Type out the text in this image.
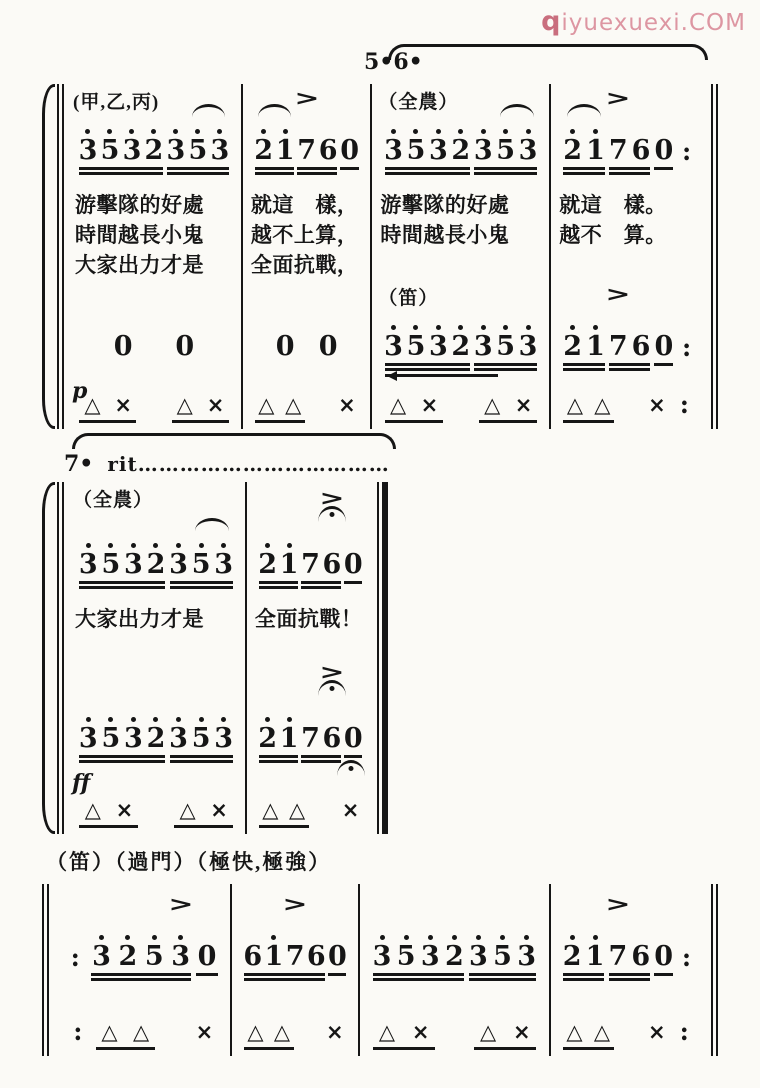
qiyuexuexi.COM
5•6•
7• rit………………………………
（笛）（過門）（極快,極強）
(甲,乙,丙)
3 5 3 2 3 5 3
游擊隊的好處
時間越長小鬼
大家出力才是
0 0
p
△ × △ ×
2 1 7 6 0
>
就這　樣，
越不上算，
全面抗戰，
0 0
△ △ ×
（全農）
3 5 3 2 3 5 3
游擊隊的好處
時間越長小鬼
（笛）
3 5 3 2 3 5 3
△ × △ ×
2 1 7 6 0 :
>
就這　樣。
越不　算。
2 1 7 6 0 :
>
△ △ × :
（全農）
3 5 3 2 3 5 3
大家出力才是
3 5 3 2 3 5 3
ff
△ × △ ×
2 1 7 6 0
>
全面抗戰！
2 1 7 6 0
>
△ △ ×
: 3 2 5 3 0
>
: △ △ ×
6 1 7 6 0
>
△ △ ×
3 5 3 2 3 5 3
△ × △ ×
2 1 7 6 0 :
>
△ △ × :
